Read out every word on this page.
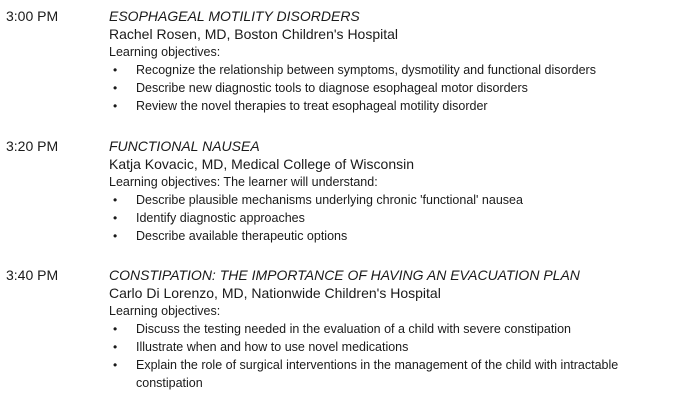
3:00 PM	ESOPHAGEAL MOTILITY DISORDERS
Rachel Rosen, MD, Boston Children's Hospital
Learning objectives:
• Recognize the relationship between symptoms, dysmotility and functional disorders
• Describe new diagnostic tools to diagnose esophageal motor disorders
• Review the novel therapies to treat esophageal motility disorder
3:20 PM	FUNCTIONAL NAUSEA
Katja Kovacic, MD, Medical College of Wisconsin
Learning objectives: The learner will understand:
• Describe plausible mechanisms underlying chronic 'functional' nausea
• Identify diagnostic approaches
• Describe available therapeutic options
3:40 PM	CONSTIPATION: THE IMPORTANCE OF HAVING AN EVACUATION PLAN
Carlo Di Lorenzo, MD, Nationwide Children's Hospital
Learning objectives:
• Discuss the testing needed in the evaluation of a child with severe constipation
• Illustrate when and how to use novel medications
• Explain the role of surgical interventions in the management of the child with intractable constipation
